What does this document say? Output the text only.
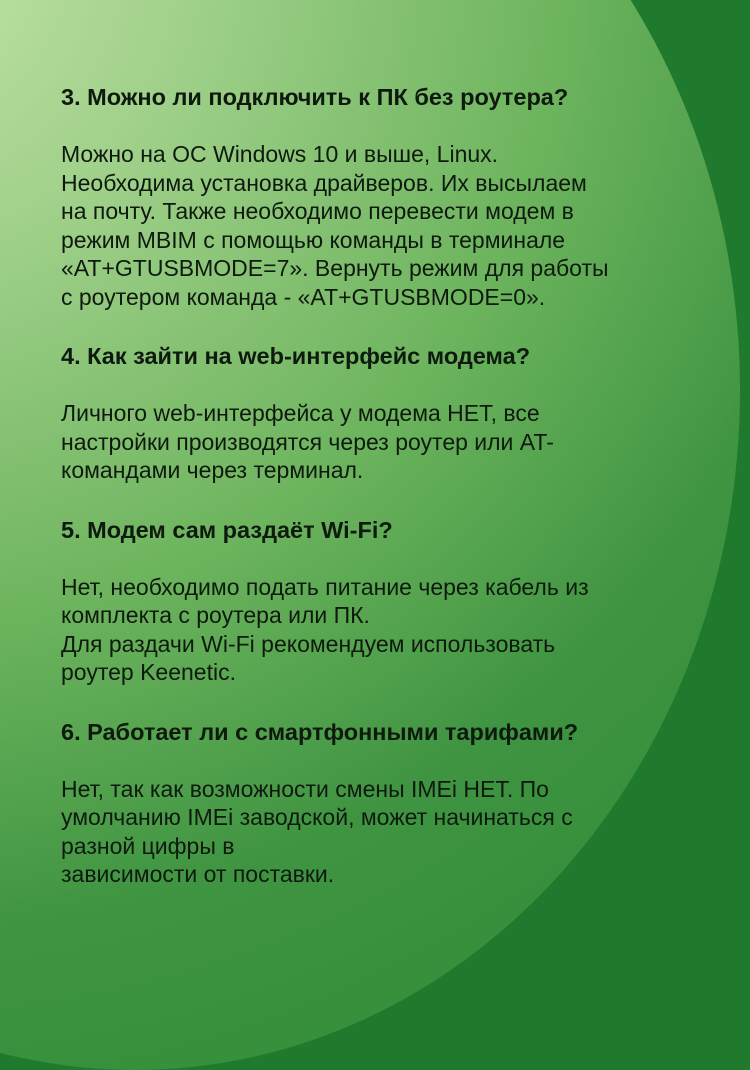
3. Можно ли подключить к ПК без роутера?
Можно на ОС Windows 10 и выше, Linux.
Необходима установка драйверов. Их высылаем
на почту. Также необходимо перевести модем в
режим MBIM с помощью команды в терминале
«AT+GTUSBMODE=7». Вернуть режим для работы
с роутером команда - «AT+GTUSBMODE=0».
4. Как зайти на web-интерфейс модема?
Личного web-интерфейса у модема НЕТ, все
настройки производятся через роутер или AT-
командами через терминал.
5. Модем сам раздаёт Wi-Fi?
Нет, необходимо подать питание через кабель из
комплекта с роутера или ПК.
Для раздачи Wi-Fi рекомендуем использовать
роутер Keenetic.
6. Работает ли с смартфонными тарифами?
Нет, так как возможности смены IMEi НЕТ. По
умолчанию IMEi заводской, может начинаться с
разной цифры в
зависимости от поставки.
